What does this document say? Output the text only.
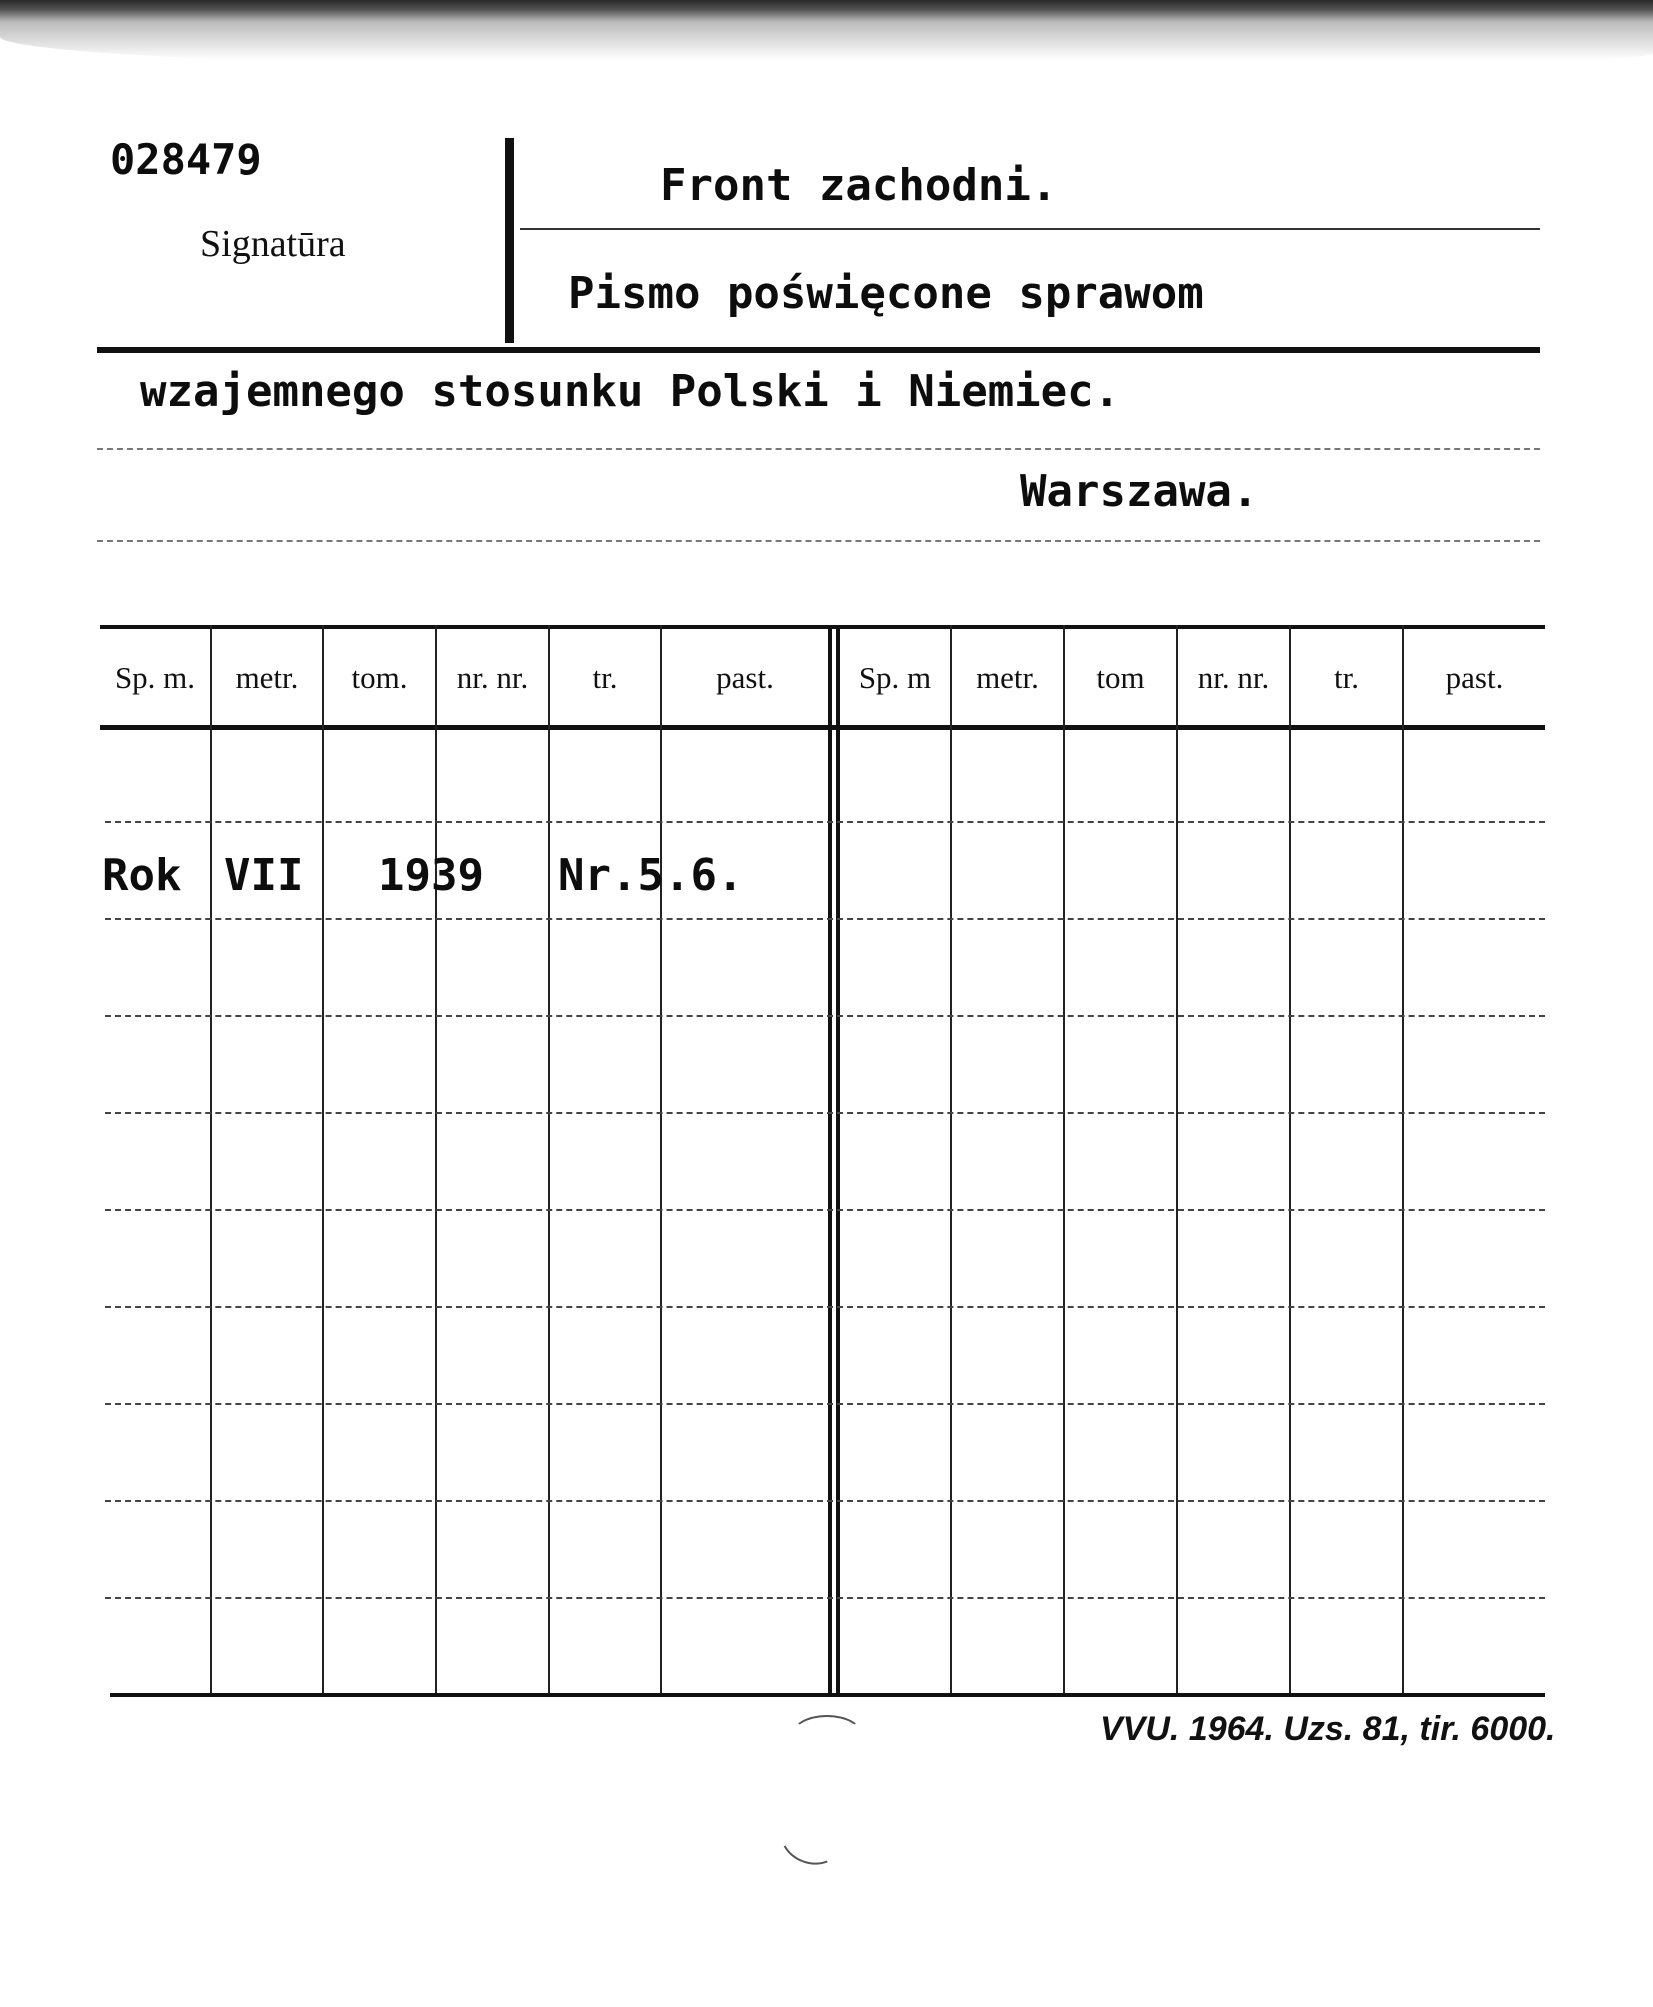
028479
Signatūra
Front zachodni.
Pismo poświęcone sprawom
wzajemnego stosunku Polski i Niemiec.
Warszawa.
Sp. m.	metr.	tom.	nr. nr.	tr.	past.	Sp. m	metr.	tom	nr. nr.	tr.	past.
Rok VII 1939 Nr.5.6.
VVU. 1964. Uzs. 81, tir. 6000.
